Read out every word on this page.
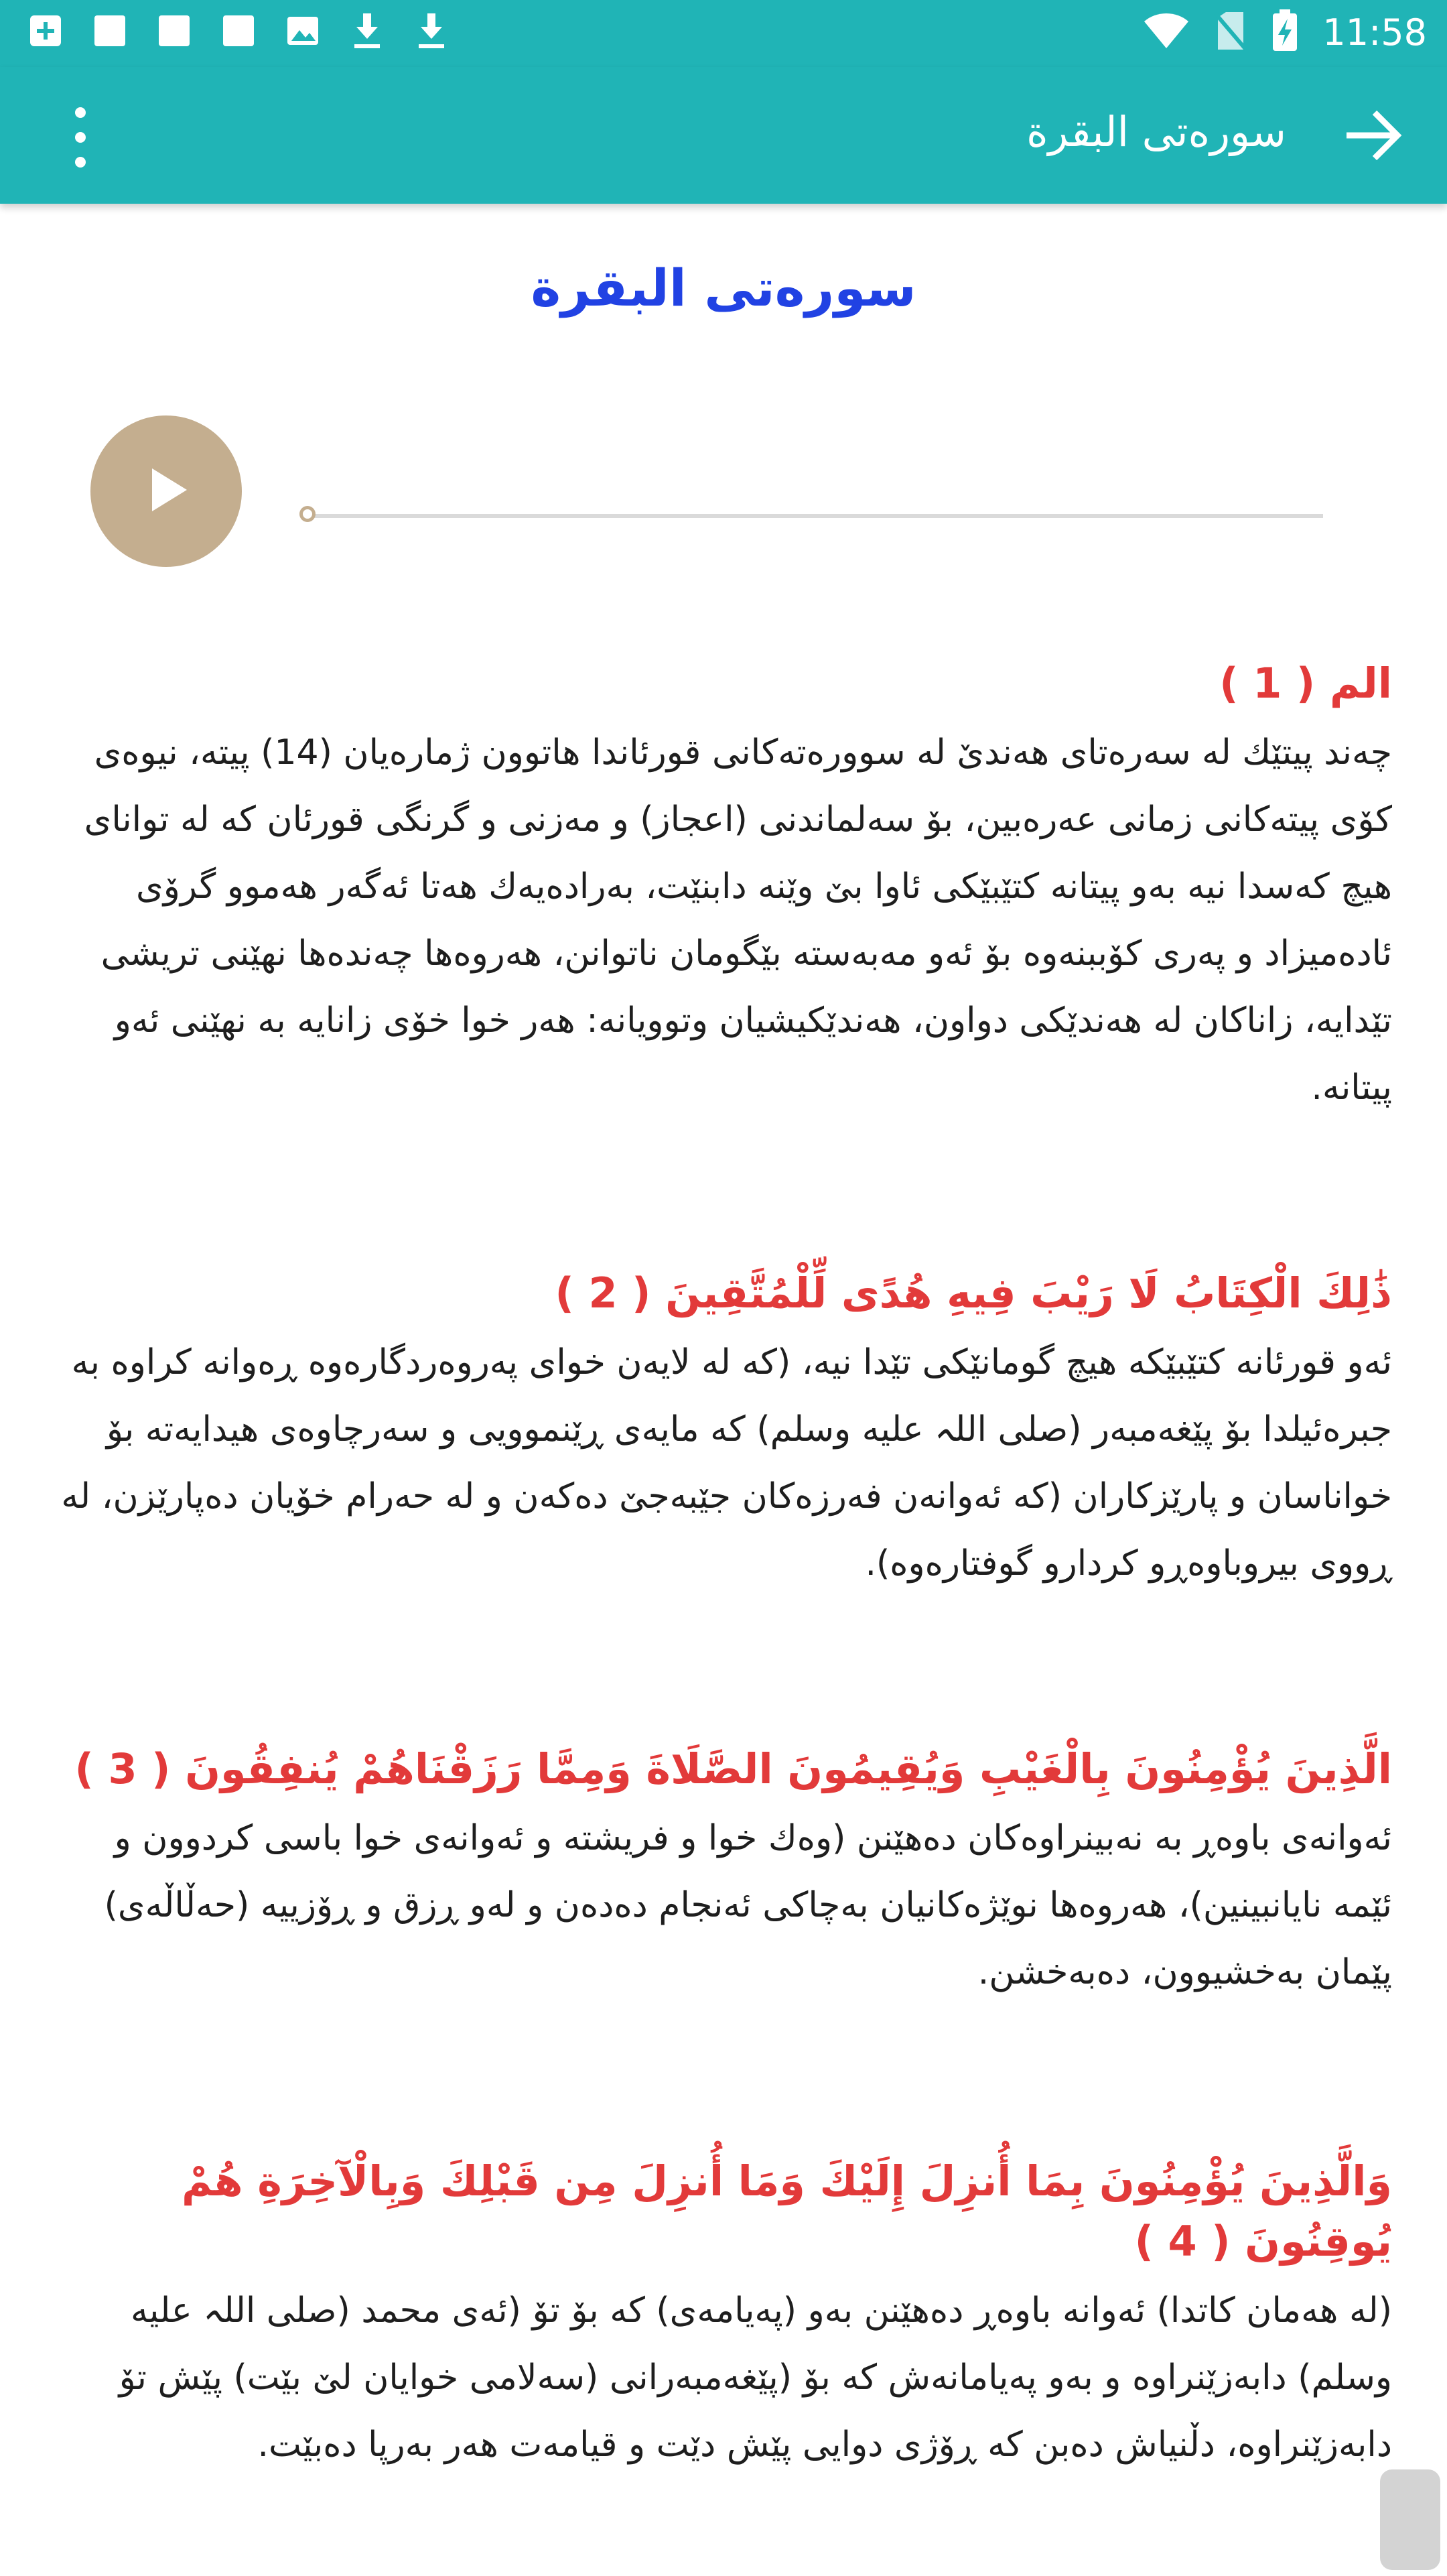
11:58
سورەتی البقرة
سورەتی البقرة
الم ( 1 )
چەند پیتێك لە سەرەتای هەندێ لە سوورەتەکانی قورئاندا هاتوون ژمارەیان (14) پیتە، نیوەی کۆی پیتەکانی زمانی عەرەبین، بۆ سەلماندنی (اعجاز) و مەزنی و گرنگی قورئان کە لە توانای هیچ کەسدا نیە بەو پیتانە کتێبێکی ئاوا بێ وێنە دابنێت، بەرادەیەك هەتا ئەگەر هەموو گرۆی ئادەمیزاد و پەری کۆببنەوە بۆ ئەو مەبەستە بێگومان ناتوانن، هەروەها چەندەها نهێنی تریشی تێدایە، زاناکان لە هەندێکی دواون، هەندێکیشیان وتوویانە: هەر خوا خۆی زانایە بە نهێنی ئەو پیتانە.
ذَٰلِكَ الْكِتَابُ لَا رَيْبَ فِيهِ هُدًى لِّلْمُتَّقِينَ ( 2 )
ئەو قورئانە کتێبێکە هیچ گومانێکی تێدا نیە، (کە لە لایەن خوای پەروەردگارەوە ڕەوانە کراوە بە جبرەئیلدا بۆ پێغەمبەر (صلی اللہ علیە وسلم) کە مایەی ڕێنموویی و سەرچاوەی هیدایەتە بۆ خواناسان و پارێزکاران (کە ئەوانەن فەرزەکان جێبەجێ دەکەن و لە حەرام خۆیان دەپارێزن، لە ڕووی بیروباوەڕو کردارو گوفتارەوە).
الَّذِينَ يُؤْمِنُونَ بِالْغَيْبِ وَيُقِيمُونَ الصَّلَاةَ وَمِمَّا رَزَقْنَاهُمْ يُنفِقُونَ ( 3 )
ئەوانەی باوەڕ بە نەبینراوەکان دەهێنن (وەك خوا و فریشتە و ئەوانەی خوا باسی کردوون و ئێمە نایانبینین)، هەروەها نوێژەکانیان بەچاکی ئەنجام دەدەن و لەو ڕزق و ڕۆزییە (حەڵاڵەی) پێمان بەخشیوون، دەبەخشن.
وَالَّذِينَ يُؤْمِنُونَ بِمَا أُنزِلَ إِلَيْكَ وَمَا أُنزِلَ مِن قَبْلِكَ وَبِالْآخِرَةِ هُمْ يُوقِنُونَ ( 4 )
(لە هەمان کاتدا) ئەوانە باوەڕ دەهێنن بەو (پەیامەی) کە بۆ تۆ (ئەی محمد (صلی اللہ علیە وسلم) دابەزێنراوە و بەو پەیامانەش کە بۆ (پێغەمبەرانی (سەلامی خوایان لێ بێت) پێش تۆ دابەزێنراوە، دڵنیاش دەبن کە ڕۆژی دوایی پێش دێت و قیامەت هەر بەرپا دەبێت.
